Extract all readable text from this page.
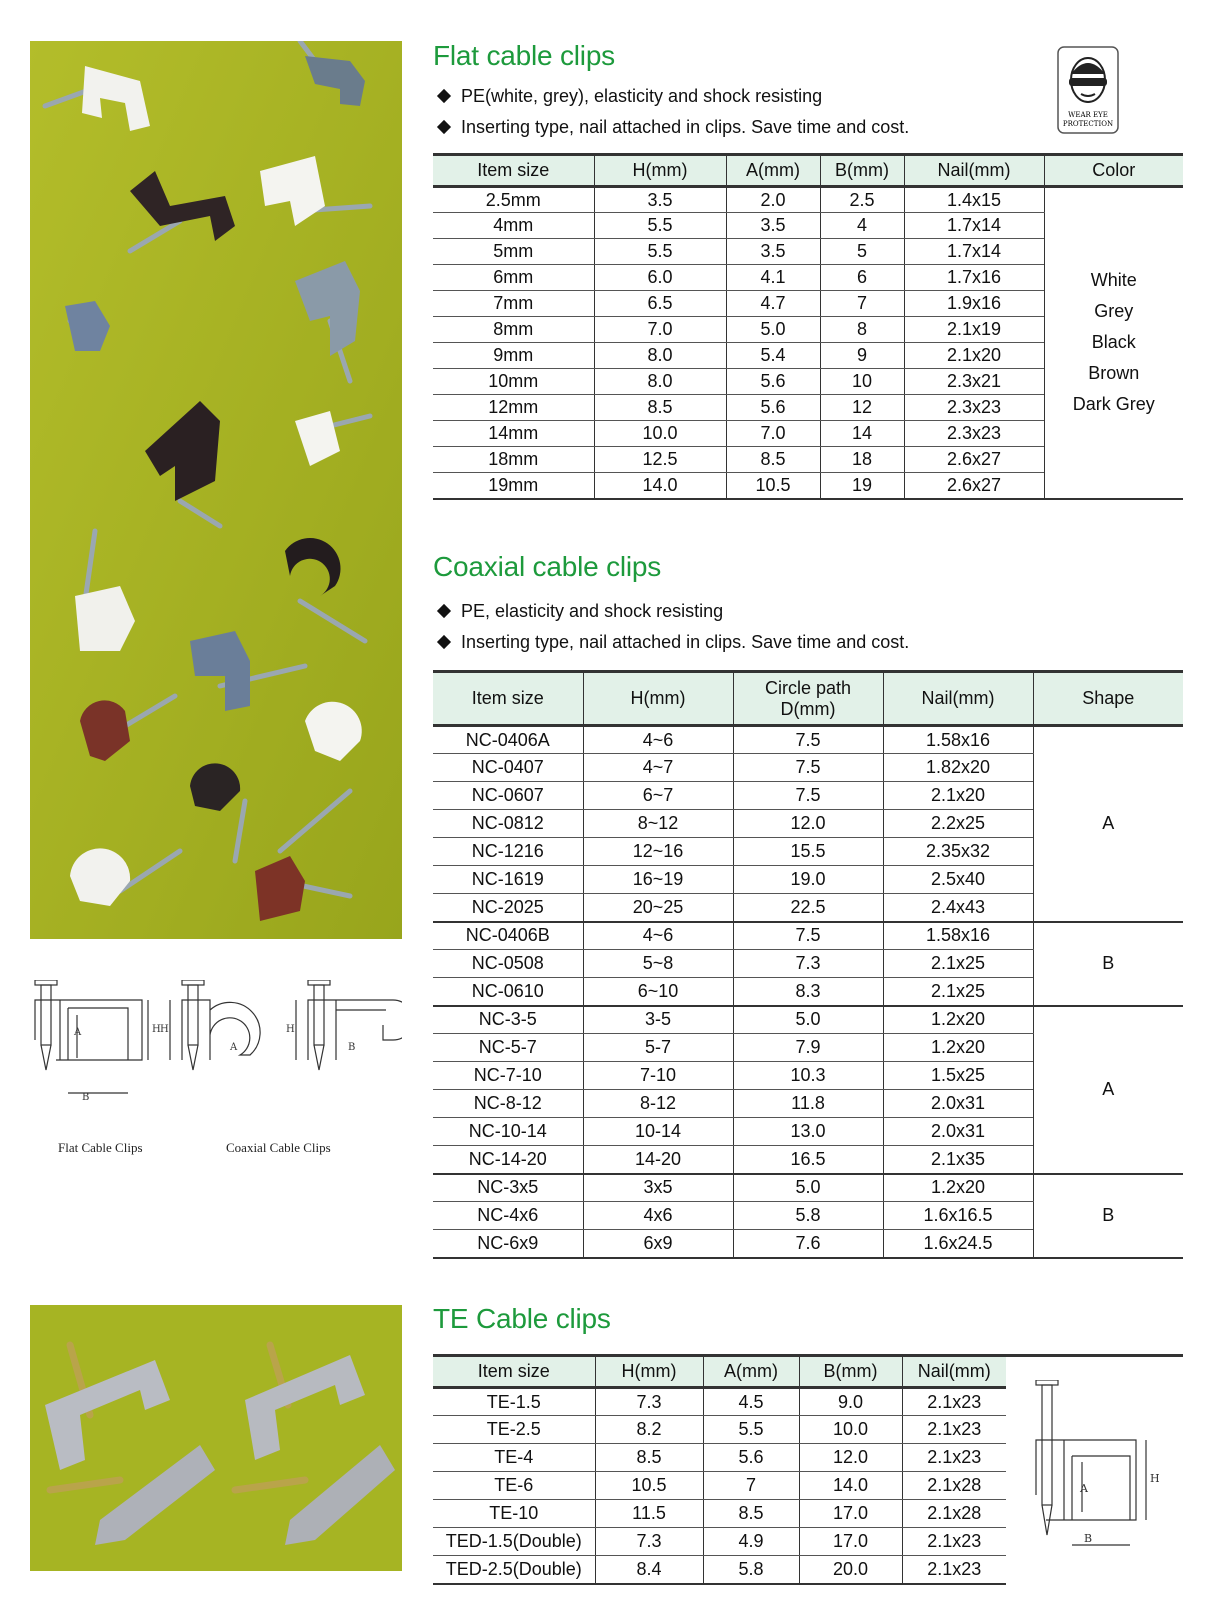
Flat cable clips
PE(white, grey), elasticity and shock resisting
Inserting type, nail attached in clips. Save time and cost.
WEAR EYE
PROTECTION
Item size	H(mm)	A(mm)	B(mm)	Nail(mm)	Color
2.5mm	3.5	2.0	2.5	1.4x15	White
Grey
Black
Brown
Dark Grey

4mm	5.5	3.5	4	1.7x14	
5mm	5.5	3.5	5	1.7x14	
6mm	6.0	4.1	6	1.7x16	
7mm	6.5	4.7	7	1.9x16	
8mm	7.0	5.0	8	2.1x19	
9mm	8.0	5.4	9	2.1x20	
10mm	8.0	5.6	10	2.3x21	
12mm	8.5	5.6	12	2.3x23	
14mm	10.0	7.0	14	2.3x23	
18mm	12.5	8.5	18	2.6x27	
19mm	14.0	10.5	19	2.6x27	
B
H
A	H
A
H
B
Flat Cable Clips	Coaxial Cable Clips
Coaxial cable clips
PE, elasticity and shock resisting
Inserting type, nail attached in clips. Save time and cost.
Item size	H(mm)	Circle path D(mm)	Nail(mm)	Shape
NC-0406A	4~6	7.5	1.58x16	A
NC-0407	4~7	7.5	1.82x20	
NC-0607	6~7	7.5	2.1x20	
NC-0812	8~12	12.0	2.2x25	
NC-1216	12~16	15.5	2.35x32	
NC-1619	16~19	19.0	2.5x40	
NC-2025	20~25	22.5	2.4x43	
NC-0406B	4~6	7.5	1.58x16	B
NC-0508	5~8	7.3	2.1x25	
NC-0610	6~10	8.3	2.1x25	
NC-3-5	3-5	5.0	1.2x20	A
NC-5-7	5-7	7.9	1.2x20	
NC-7-10	7-10	10.3	1.5x25	
NC-8-12	8-12	11.8	2.0x31	
NC-10-14	10-14	13.0	2.0x31	
NC-14-20	14-20	16.5	2.1x35	
NC-3x5	3x5	5.0	1.2x20	B
NC-4x6	4x6	5.8	1.6x16.5	
NC-6x9	6x9	7.6	1.6x24.5	
TE Cable clips
Item size	H(mm)	A(mm)	B(mm)	Nail(mm)
TE-1.5	7.3	4.5	9.0	2.1x23
TE-2.5	8.2	5.5	10.0	2.1x23
TE-4	8.5	5.6	12.0	2.1x23
TE-6	10.5	7	14.0	2.1x28
TE-10	11.5	8.5	17.0	2.1x28
TED-1.5(Double)	7.3	4.9	17.0	2.1x23
TED-2.5(Double)	8.4	5.8	20.0	2.1x23
B
H
A
